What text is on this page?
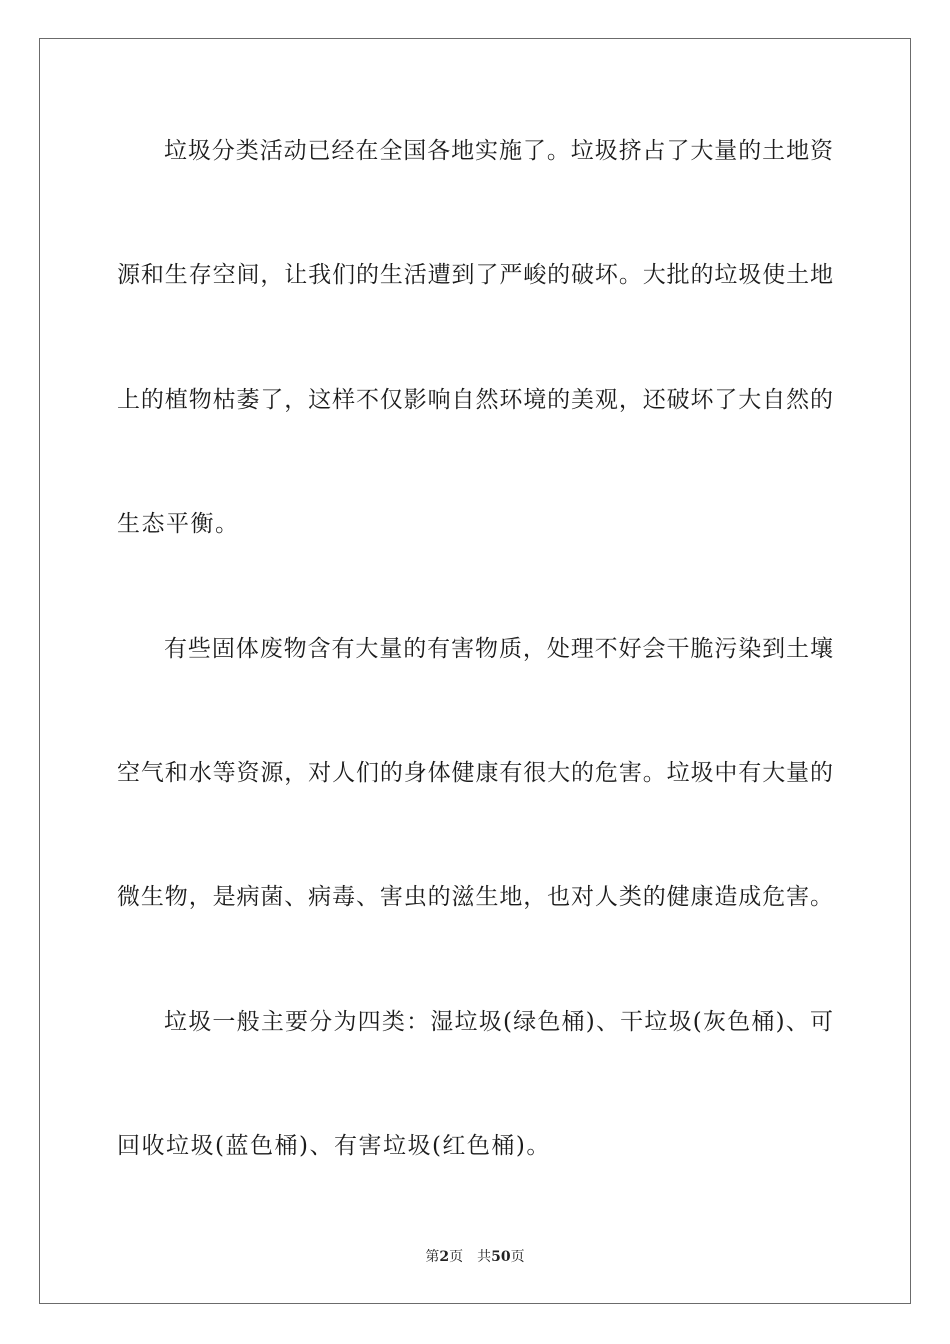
垃圾分类活动已经在全国各地实施了。垃圾挤占了大量的土地资
源和生存空间，让我们的生活遭到了严峻的破坏。大批的垃圾使土地
上的植物枯萎了，这样不仅影响自然环境的美观，还破坏了大自然的
生态平衡。
有些固体废物含有大量的有害物质，处理不好会干脆污染到土壤
空气和水等资源，对人们的身体健康有很大的危害。垃圾中有大量的
微生物，是病菌、病毒、害虫的滋生地，也对人类的健康造成危害。
垃圾一般主要分为四类：湿垃圾(绿色桶)、干垃圾(灰色桶)、可
回收垃圾(蓝色桶)、有害垃圾(红色桶)。
第2页 共50页
